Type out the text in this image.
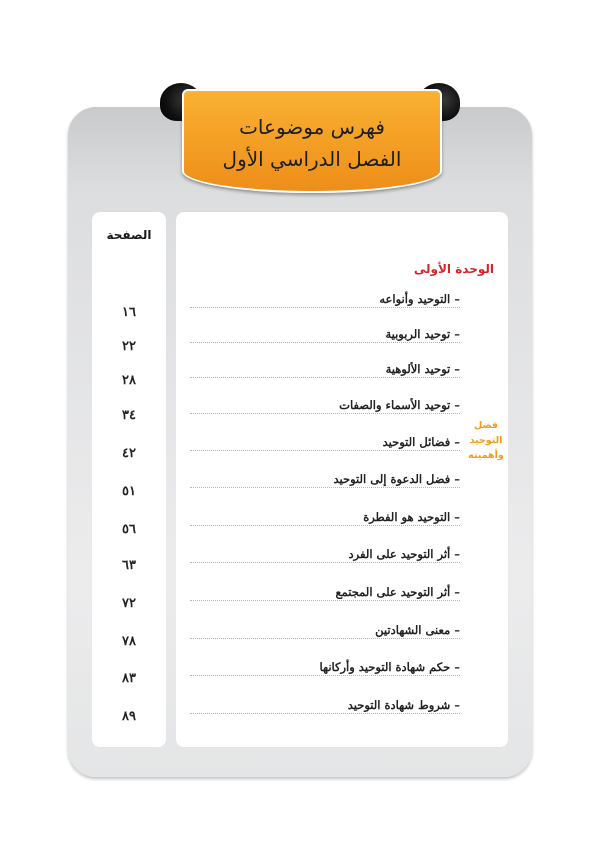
فهرس موضوعات
الفصل الدراسي الأول
الصفحة
١٦
٢٢
٢٨
٣٤
٤٢
٥١
٥٦
٦٣
٧٢
٧٨
٨٣
٨٩
الوحدة الأولى
فضل
التوحيد
وأهميته
– التوحيد وأنواعه
– توحيد الربوبية
– توحيد الألوهية
– توحيد الأسماء والصفات
– فضائل التوحيد
– فضل الدعوة إلى التوحيد
– التوحيد هو الفطرة
– أثر التوحيد على الفرد
– أثر التوحيد على المجتمع
– معنى الشهادتين
– حكم شهادة التوحيد وأركانها
– شروط شهادة التوحيد
